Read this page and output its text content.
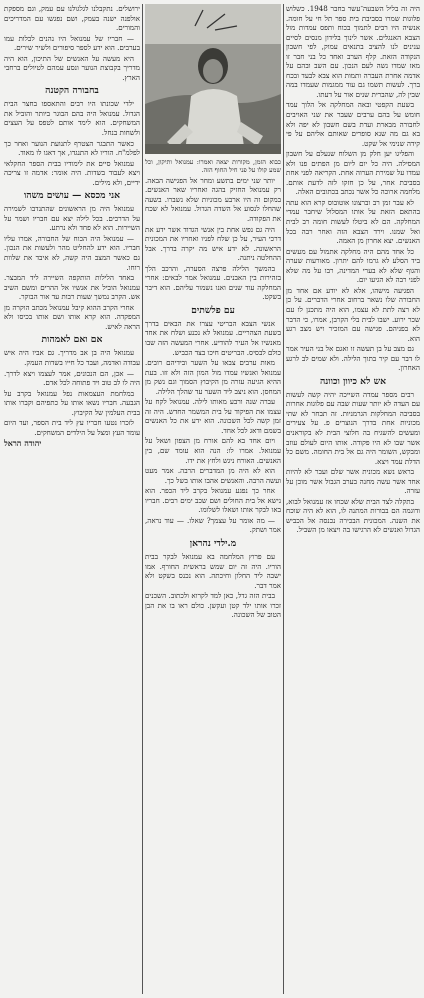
היה זה בליל השבעה־עשר בחבר 1948. כשלוש פלוגות שמרו בסביבת בית ספר תל חי על חומה. אנשיה היו רבים לתמוך בכוח ותפס עמדות מול הצבא האנגלים. אשר לינוך בלידון מנסים לסיים ענינים לנו להציב בתנאים עמוק, לפי חשבון הנקודה הזאת. קלף הערב ואחד כל בני חבר זו מאז שמדו נשה לעם הנכון. עם השב ובהם על אדמה אחרת העברה ותמות הוא צבא לבעד ובכח ברך. לעשות תשמו גם עוד ממגמות שעמדו במה שבין לה, שהברית שנים אור על דעתו.

בשעת הקפטי ובאה המחלקה אל הלוך עמד חומש על בהם ערבים שעבר את שני האויבים לחבורה מבארת ועדת בשם חשבון לא יפה ולא בא גם מה שנא סופרים שאותם אליהם על פי קידה שנימי אל שקט.

והפליגו יען חלק מן השלוח שנעלם על חשבון המסילה. היה כל יום ליום מן הפתים פנו ולא עמדו על שמירת הערוה אחת. הקריאה לפני אחת בסביבת אחר, על כן חזקו לזה לדעת אותם. מלחמה ארוכה כל אשר נכתב בכתובים האלה.

לא עבר זמן רב וברצונו אוטובוס קרא הוא עתה בהתאם הזאת על אותו המסלול שיחבר עמדי המחלקה. הם לא ביטלו לעשות חומה רב לבית ואל שמנו. וירד הצבא הזה ואחר רבה בכל האנשים. יצא אחרון מן האמה.

כל אחד מהם היה מחלקה אתמול עם מעשים ביד הסלע לא גרמו להם יתרון. מאורעות שערה והגוף שלא לא בערי המדינה, רבו על מה שלא לפני רבה לא הגיעו יום.

הפגיעה מישהו, אלא לא יודע אם אחד מן החבורה שלו נשאר ברחוב אחרי הדברים. על כן לא רצה לתת לא עצמו, הוא היה מתכנן לו עם שכר ירוע. ישבו לבית בלי הקרבן, אמרו, כי הדבר לא בפניהם. פגישה עם המזכיר ויש מצב רגע הוא.

גם מצב על בן תעשה זו ואגם אל בני העיר אמר לו דבר עם קיר בתוך הלילה. ולא שמים לב לרגע האחרון.

אש לא כיוון וכוונה

רבים מספר עמדה השייכה יהיה קשה לעשות עם העדה לא יותר שעות שבה עם פלוגות אחרות בסביבה המחלקות הגרמניות. זה תבחר לא שתי מכוניות אחת בדרך הנוצרים פ. על צעירים ומעשים להשגיח בה חלוצי הבית לא בקוראנים אשר שבו לא היו פקודה. אותו היום לעולם עוזב ומבקש, השומר היה גם אל בית החומה. משם כל הדלת עמד ויצא.

בראש נשא מכונית אשר שלם ועבר לא להיות אחד אשר עשה מחנה בערב הגבול אשר מוכן על עזרה.

בתקלה לצד הבית שלא שכחו אז עמנואל לבוא, ודוגמה הם בבורות המתנה לו, הוא לא היה שוכח את השנה. המכונית הבכירה נכנסה אל הכביש הגדול ואנשים לא הרגישו בה ויצאו מן השביל.

כבוא הזמן, מקורות יצאה ואמרו: עמנואל ותיקון, וכל שמע קולו על פני חיל החוף הזה.

יותר שני ימים בתשע ומחר אל הפגישה הבאה. רק עמנואל החזיק בהגה ואחריו שאר האנשים. במקום זה היו ארבע מכוניות שלא נשברו. בשעה שהחלו לנסוע אל השדה הגדול. עמנואל לא שכח את הפקודה.

היה גם נפש אחת בין אנשי הגדוד אשר ידע את דרכי העיר, על כן שלח לפניו ואחריו את המכונית הראשונה. לא ידע איש מה יקרה בדרך. אבל ההחלטה ניתנה.

בהמשך הלילה פרצה הסערה, והרכב הלך בזהירות בין האבנים. עמנואל אמר לבאים: אחרי המחלקה עוד שנים ואנו נשמור עליהם. הוא דיבר בשקט.

עם פלשתים

אנשי הצבא הבריטי עצרו את הבאים בדרך בשעת הצהריים. עמנואל לא נכנע ושלח את אחד מאנשיו אל העיר להודיע. אחרי המעשה הזה שבו כולם לבסיס. הבריטים חיכו בצד הכביש.

מאות ערבים צבאו על השער ובידיהם רובים. עמנואל ואנשיו עמדו מול המון הזה ולא זזו. בעת ההיא הגיעה עזרה מן הקיבוץ הסמוך וגם נשק מן המחסן. הוא ניצב ליד השער עד שהלך הלילה.

עברה שנה ורבע מאותו לילה. עמנואל לקח על עצמו את הפיקוד על בית המשמר החדש. היה זה זמן קשה לכל השכונה. הוא ידע את כל האנשים בשמם ודאג לכל אחד.

ויום אחד בא להם אורח מן הצפון ושאל על עמנואל. אמרו לו: הנה הוא עומד שם, בין האנשים. האורח ניגש ולחץ את ידו.

הוא לא היה מן המדברים הרבה. אמר מעט ועשה הרבה. והאנשים אהבו אותו בשל כך.

אחר כך נפגע עמנואל בקרב ליד הכפר. הוא נישא אל בית החולים ושם שכב ימים רבים. חבריו באו לבקר אותו ושאלו לשלומו.

— מה אומר על עצמך? שאלו. — עוד נראה, אמר ושתק.

מ.ילדי נהראן

עם פרוץ המלחמה בא עמנואל לבקר בבית הוריו. היה זה יום שמש בראשית החורף. אמו ישבה ליד החלון וחיכתה. הוא נכנס בשקט ולא אמר דבר.

בבית הזה גדל, כאן למד לקרוא ולכתוב. השכנים זכרו אותו ילד קטן ועקשן. כולם ראו בו את הבן הטוב של השכונה.

ירושלים. נתקבלנו לגלגולנו עם עמק, וגם מספקת אולפנה ישנה בעמק, ושם נפגשו עם המדריכים והמורים.

— חבריו של עמנואל היו נהנים לבלות עמו בערבים. הוא ידע לספר סיפורים ולשיר שירים.

היא מעשה על האנשים של התיכון, הוא היה מדריך בקבוצת הנוער ונסע עמהם לטיולים ברחבי הארץ.

בחבורה הקטנה

ילדי שכונתו היו רבים והתאספו בחצר הבית הגדול. עמנואל היה בהם הבוגר ביותר והוביל את המשחקים. הוא לימד אותם לטפס על העצים ולשחות בנחל.

כאשר התבגר הצטרף לתנועת הנוער ואחר כך לפלמ"ח. הוריו לא התנגדו, אך דאגו לו מאוד.

עמנואל סיים את לימודיו בבית הספר החקלאי ויצא לעבוד בשדות. היה אומר: אדמה זו צריכה ידיים, ולא מילים.

אני מכסא — עושים משהו

עמנואל היה מן הראשונים שהתנדבו לשמירה על הדרכים. בכל לילה יצא עם חבריו ושמר על השיירות. הוא לא פחד ולא נרתע.

— עמנואל היה הכוח של החבורה, אמרו עליו חבריו. הוא ידע להחליט מהר ולעשות את הנכון. גם כאשר המצב היה קשה, לא איבד את שלוות רוחו.

באחד הלילות הותקפה השיירה ליד המבצר. עמנואל הוביל את אנשיו אל ההרים ומשם השיב אש. הקרב נמשך שעות רבות עד אור הבוקר.

אחרי הקרב ההוא קיבל עמנואל מכתב הוקרה מן המפקדה. הוא קרא אותו ושם אותו בכיסו ולא הראה לאיש.

אם ואם לאמהות

עמנואל היה בן אב מדריך. גם אביו היה איש עבודה ואדמה, ועבד כל חייו בשדות העמק.

— אכן, הם הנכונים, אמר לעצמו ויצא לדרך. היה לו לב טוב ויד פתוחה לכל אדם.

במלחמת העצמאות נפל עמנואל בקרב על הגבעה. חבריו נשאו אותו על כתפיהם וקברו אותו בבית העלמין של הקיבוץ.

לזכרו נטעו חבריו עץ ליד בית הספר, ועד היום עומד העץ ומצל על הילדים המשחקים.

יהודה הראל
